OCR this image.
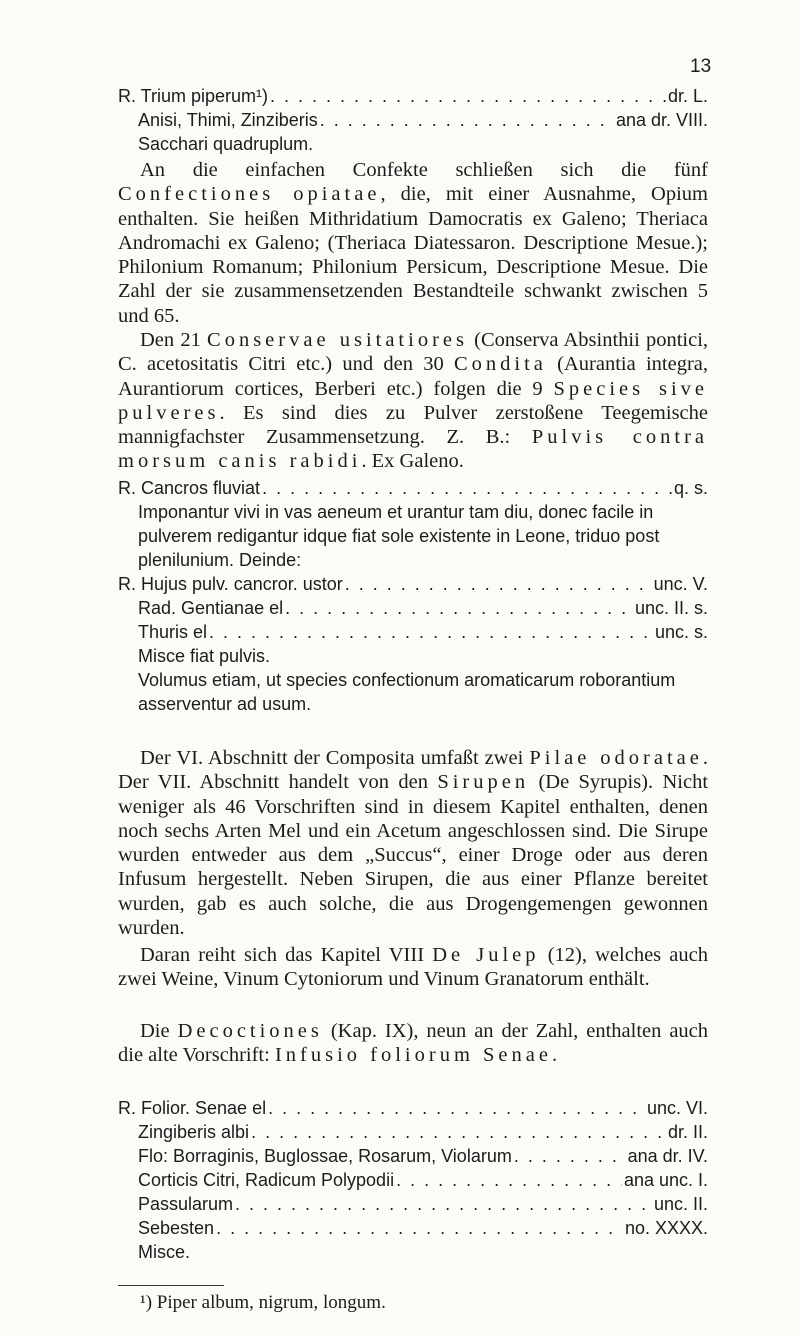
13
R. Trium piperum¹) . . .	dr. L.
Anisi, Thimi, Zinziberis . . .	ana dr. VIII.
Sacchari quadruplum.

An die einfachen Confekte schließen sich die fünf Confectiones opiatae, die, mit einer Ausnahme, Opium enthalten. Sie heißen Mithridatium Damocratis ex Galeno; Theriaca Andromachi ex Galeno; (Theriaca Diatessaron. Descriptione Mesue.); Philonium Romanum; Philonium Persicum, Descriptione Mesue. Die Zahl der sie zusammensetzenden Bestandteile schwankt zwischen 5 und 65.

Den 21 Conservae usitatiores (Conserva Absinthii pontici, C. acetositatis Citri etc.) und den 30 Condita (Aurantia integra, Aurantiorum cortices, Berberi etc.) folgen die 9 Species sive pulveres. Es sind dies zu Pulver zerstoßene Teegemische mannigfachster Zusammensetzung. Z. B.: Pulvis contra morsum canis rabidi. Ex Galeno.

R. Cancros fluviat . . .	q. s.
Imponantur vivi in vas aeneum et urantur tam diu, donec facile in pulverem redigantur idque fiat sole existente in Leone, triduo post plenilunium. Deinde:
R. Hujus pulv. cancror. ustor . . .	unc. V.
Rad. Gentianae el . . .	unc. II. s.
Thuris el . . .	unc. s.
Misce fiat pulvis.
Volumus etiam, ut species confectionum aromaticarum roborantium asserventur ad usum.

Der VI. Abschnitt der Composita umfaßt zwei Pilae odoratae. Der VII. Abschnitt handelt von den Sirupen (De Syrupis). Nicht weniger als 46 Vorschriften sind in diesem Kapitel enthalten, denen noch sechs Arten Mel und ein Acetum angeschlossen sind. Die Sirupe wurden entweder aus dem „Succus“, einer Droge oder aus deren Infusum hergestellt. Neben Sirupen, die aus einer Pflanze bereitet wurden, gab es auch solche, die aus Drogengemengen gewonnen wurden.

Daran reiht sich das Kapitel VIII De Julep (12), welches auch zwei Weine, Vinum Cytoniorum und Vinum Granatorum enthält.

Die Decoctiones (Kap. IX), neun an der Zahl, enthalten auch die alte Vorschrift: Infusio foliorum Senae.

R. Folior. Senae el . . .	unc. VI.
Zingiberis albi . . .	dr. II.
Flo: Borraginis, Buglossae, Rosarum, Violarum . . .	ana dr. IV.
Corticis Citri, Radicum Polypodii . . .	ana unc. I.
Passularum . . .	unc. II.
Sebesten . . .	no. XXXX.
Misce.
¹) Piper album, nigrum, longum.
